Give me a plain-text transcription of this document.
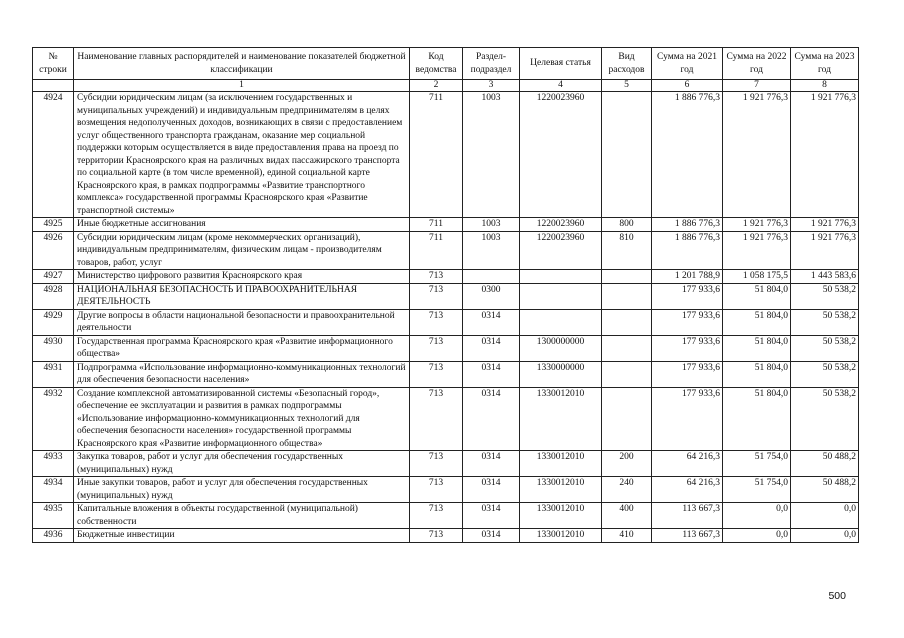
№ строки	Наименование главных распорядителей и наименование показателей бюджетной классификации	Код ведомства	Раздел-подраздел	Целевая статья	Вид расходов	Сумма на 2021 год	Сумма на 2022 год	Сумма на 2023 год
	1	2	3	4	5	6	7	8
4924	Субсидии юридическим лицам (за исключением государственных и муниципальных учреждений) и индивидуальным предпринимателям в целях возмещения недополученных доходов, возникающих в связи с предоставлением услуг общественного транспорта гражданам, оказание мер социальной поддержки которым осуществляется в виде предоставления права на проезд по территории Красноярского края на различных видах пассажирского транспорта по социальной карте (в том числе временной), единой социальной карте Красноярского края, в рамках подпрограммы «Развитие транспортного комплекса» государственной программы Красноярского края «Развитие транспортной системы»	711	1003	1220023960		1 886 776,3	1 921 776,3	1 921 776,3
4925	Иные бюджетные ассигнования	711	1003	1220023960	800	1 886 776,3	1 921 776,3	1 921 776,3
4926	Субсидии юридическим лицам (кроме некоммерческих организаций), индивидуальным предпринимателям, физическим лицам - производителям товаров, работ, услуг	711	1003	1220023960	810	1 886 776,3	1 921 776,3	1 921 776,3
4927	Министерство цифрового развития Красноярского края	713				1 201 788,9	1 058 175,5	1 443 583,6
4928	НАЦИОНАЛЬНАЯ БЕЗОПАСНОСТЬ И ПРАВООХРАНИТЕЛЬНАЯ ДЕЯТЕЛЬНОСТЬ	713	0300			177 933,6	51 804,0	50 538,2
4929	Другие вопросы в области национальной безопасности и правоохранительной деятельности	713	0314			177 933,6	51 804,0	50 538,2
4930	Государственная программа Красноярского края «Развитие информационного общества»	713	0314	1300000000		177 933,6	51 804,0	50 538,2
4931	Подпрограмма «Использование информационно-коммуникационных технологий для обеспечения безопасности населения»	713	0314	1330000000		177 933,6	51 804,0	50 538,2
4932	Создание комплексной автоматизированной системы «Безопасный город», обеспечение ее эксплуатации и развития в рамках подпрограммы «Использование информационно-коммуникационных технологий для обеспечения безопасности населения» государственной программы Красноярского края «Развитие информационного общества»	713	0314	1330012010		177 933,6	51 804,0	50 538,2
4933	Закупка товаров, работ и услуг для обеспечения государственных (муниципальных) нужд	713	0314	1330012010	200	64 216,3	51 754,0	50 488,2
4934	Иные закупки товаров, работ и услуг для обеспечения государственных (муниципальных) нужд	713	0314	1330012010	240	64 216,3	51 754,0	50 488,2
4935	Капитальные вложения в объекты государственной (муниципальной) собственности	713	0314	1330012010	400	113 667,3	0,0	0,0
4936	Бюджетные инвестиции	713	0314	1330012010	410	113 667,3	0,0	0,0
500
